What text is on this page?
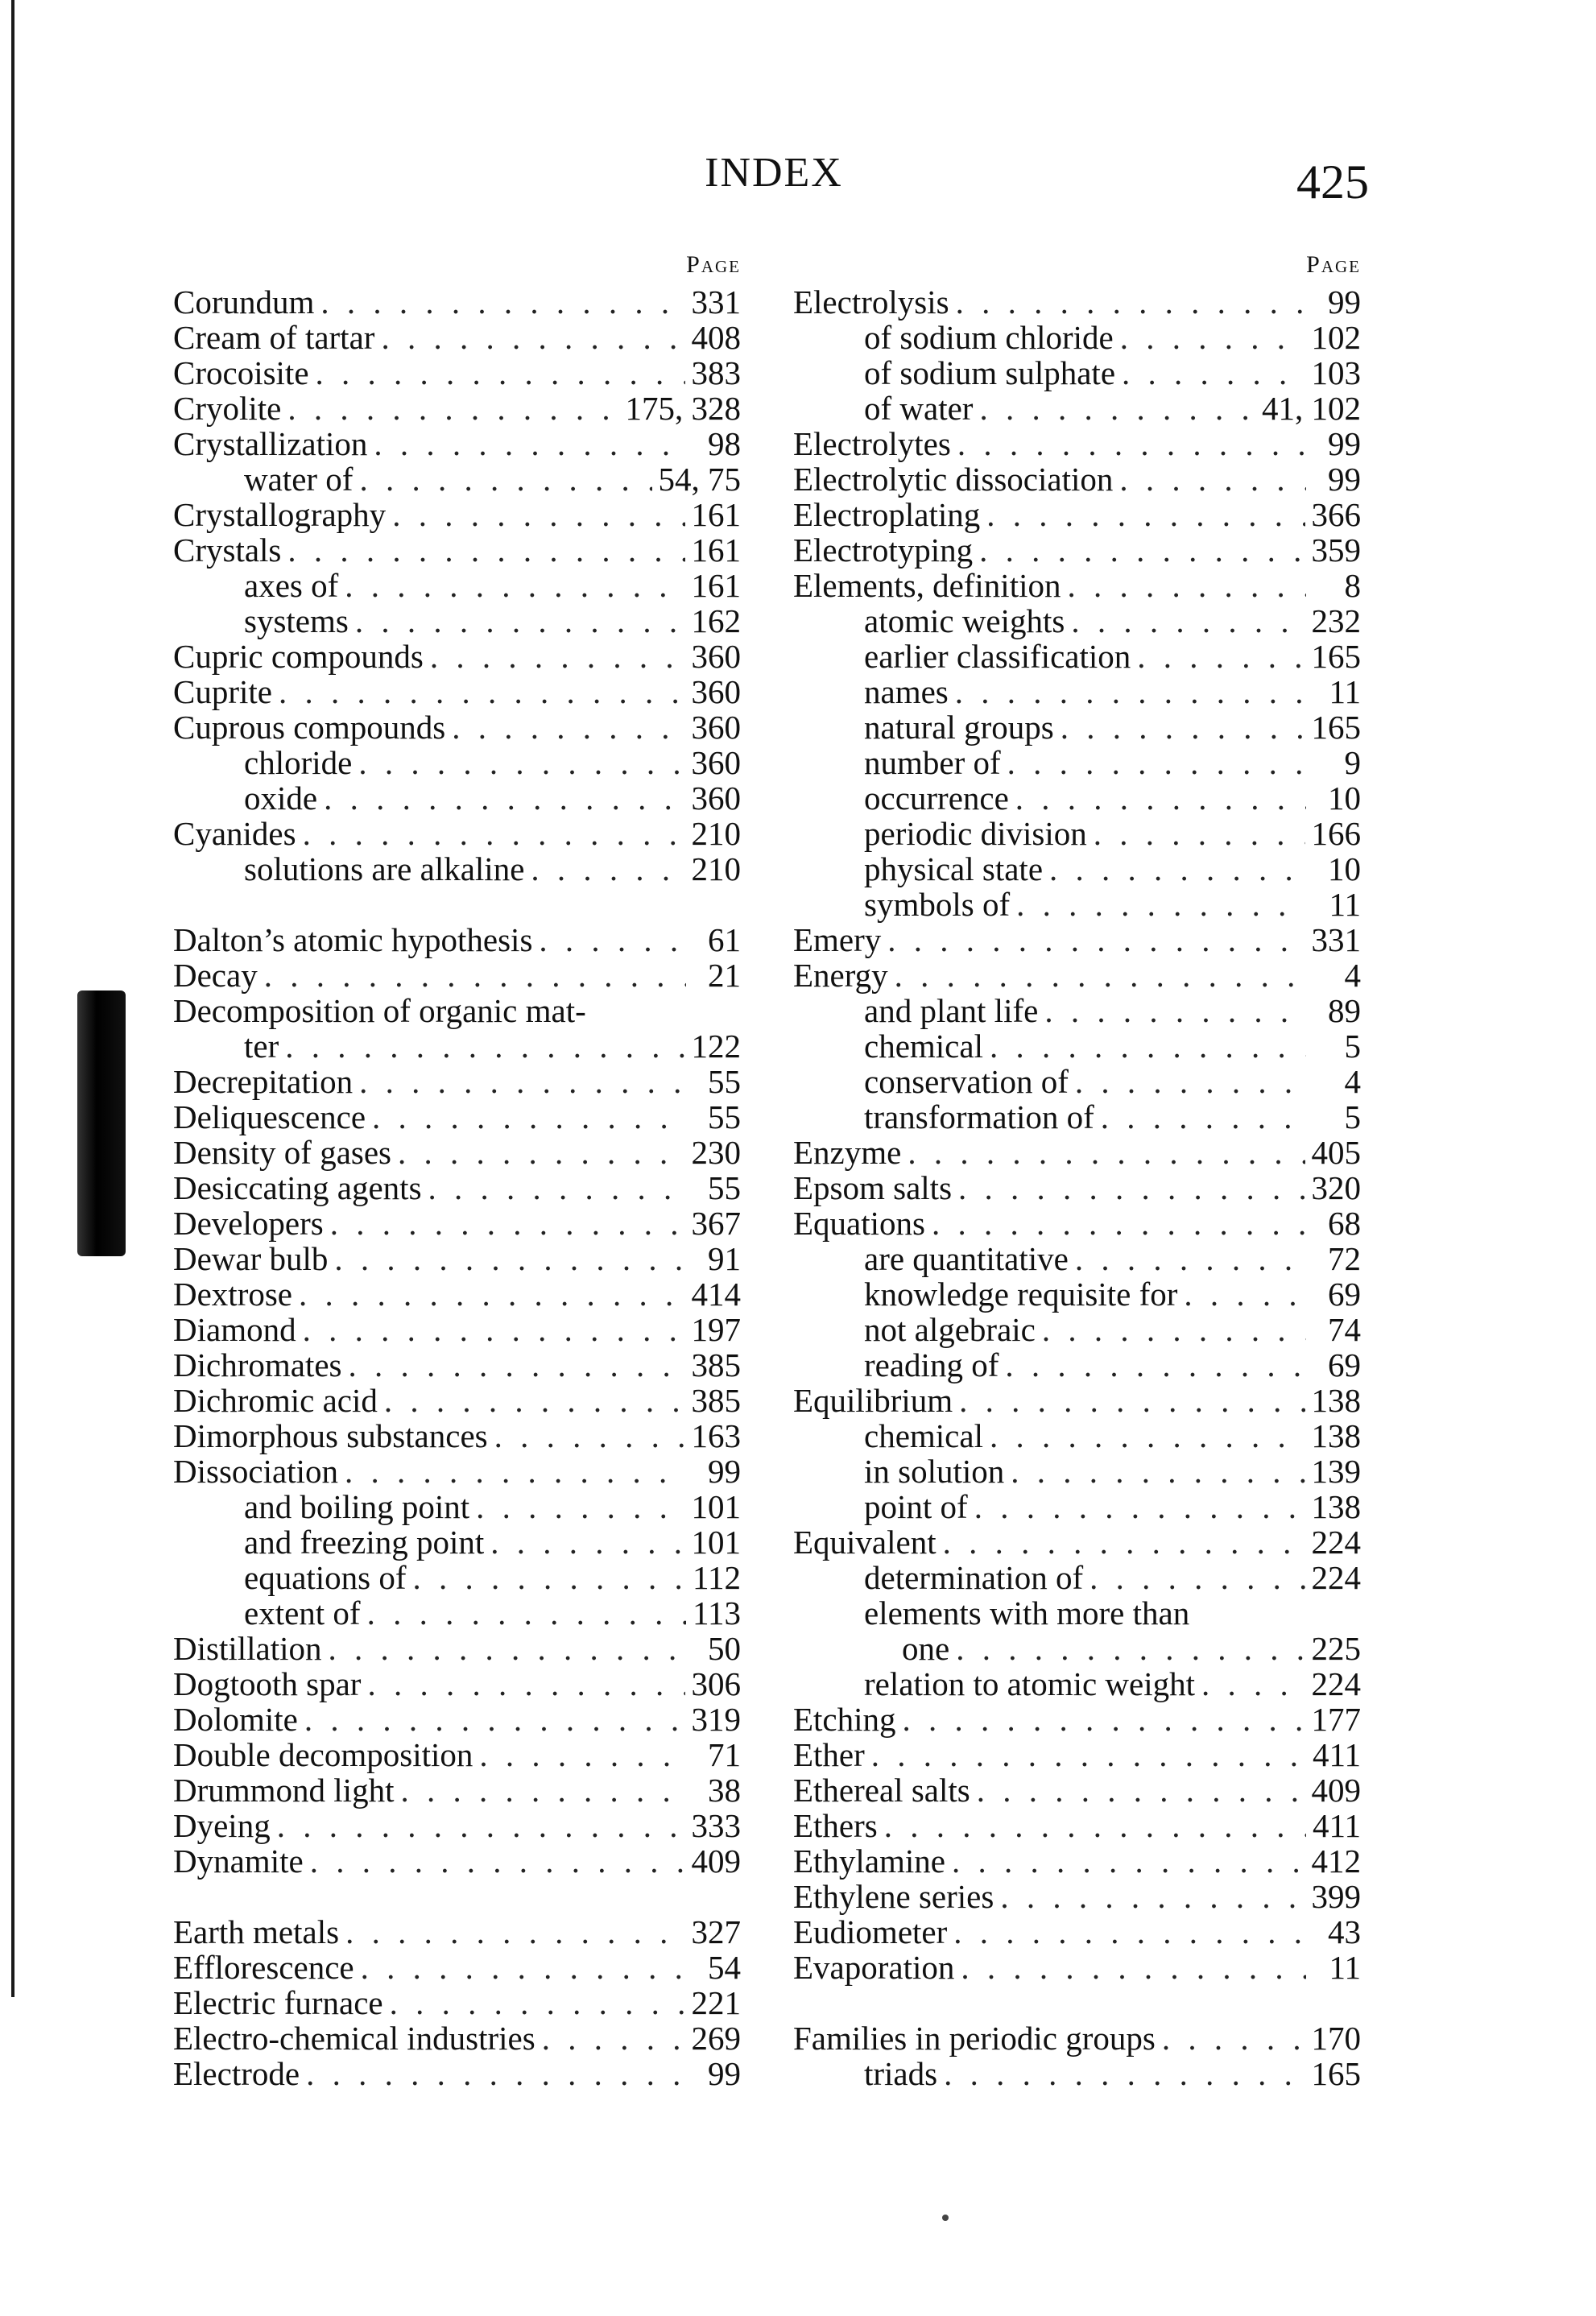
INDEX	425
Page
Corundum . . .	331
Cream of tartar . . .	408
Crocoisite . . .	383
Cryolite . . .	175, 328
Crystallization . . .	98
water of . . .	54, 75
Crystallography . . .	161
Crystals . . .	161
axes of . . .	161
systems . . .	162
Cupric compounds . . .	360
Cuprite . . .	360
Cuprous compounds . . .	360
chloride . . .	360
oxide . . .	360
Cyanides . . .	210
solutions are alkaline . . .	210
Dalton’s atomic hypothesis . . .	61
Decay . . .	21
Decomposition of organic mat-
ter . . .	122
Decrepitation . . .	55
Deliquescence . . .	55
Density of gases . . .	230
Desiccating agents . . .	55
Developers . . .	367
Dewar bulb . . .	91
Dextrose . . .	414
Diamond . . .	197
Dichromates . . .	385
Dichromic acid . . .	385
Dimorphous substances . . .	163
Dissociation . . .	99
and boiling point . . .	101
and freezing point . . .	101
equations of . . .	112
extent of . . .	113
Distillation . . .	50
Dogtooth spar . . .	306
Dolomite . . .	319
Double decomposition . . .	71
Drummond light . . .	38
Dyeing . . .	333
Dynamite . . .	409
Earth metals . . .	327
Efflorescence . . .	54
Electric furnace . . .	221
Electro-chemical industries . . .	269
Electrode . . .	99
Page
Electrolysis . . .	99
of sodium chloride . . .	102
of sodium sulphate . . .	103
of water . . .	41, 102
Electrolytes . . .	99
Electrolytic dissociation . . .	99
Electroplating . . .	366
Electrotyping . . .	359
Elements, definition . . .	8
atomic weights . . .	232
earlier classification . . .	165
names . . .	11
natural groups . . .	165
number of . . .	9
occurrence . . .	10
periodic division . . .	166
physical state . . .	10
symbols of . . .	11
Emery . . .	331
Energy . . .	4
and plant life . . .	89
chemical . . .	5
conservation of . . .	4
transformation of . . .	5
Enzyme . . .	405
Epsom salts . . .	320
Equations . . .	68
are quantitative . . .	72
knowledge requisite for . . .	69
not algebraic . . .	74
reading of . . .	69
Equilibrium . . .	138
chemical . . .	138
in solution . . .	139
point of . . .	138
Equivalent . . .	224
determination of . . .	224
elements with more than
one . . .	225
relation to atomic weight . . .	224
Etching . . .	177
Ether . . .	411
Ethereal salts . . .	409
Ethers . . .	411
Ethylamine . . .	412
Ethylene series . . .	399
Eudiometer . . .	43
Evaporation . . .	11
Families in periodic groups . . .	170
triads . . .	165
